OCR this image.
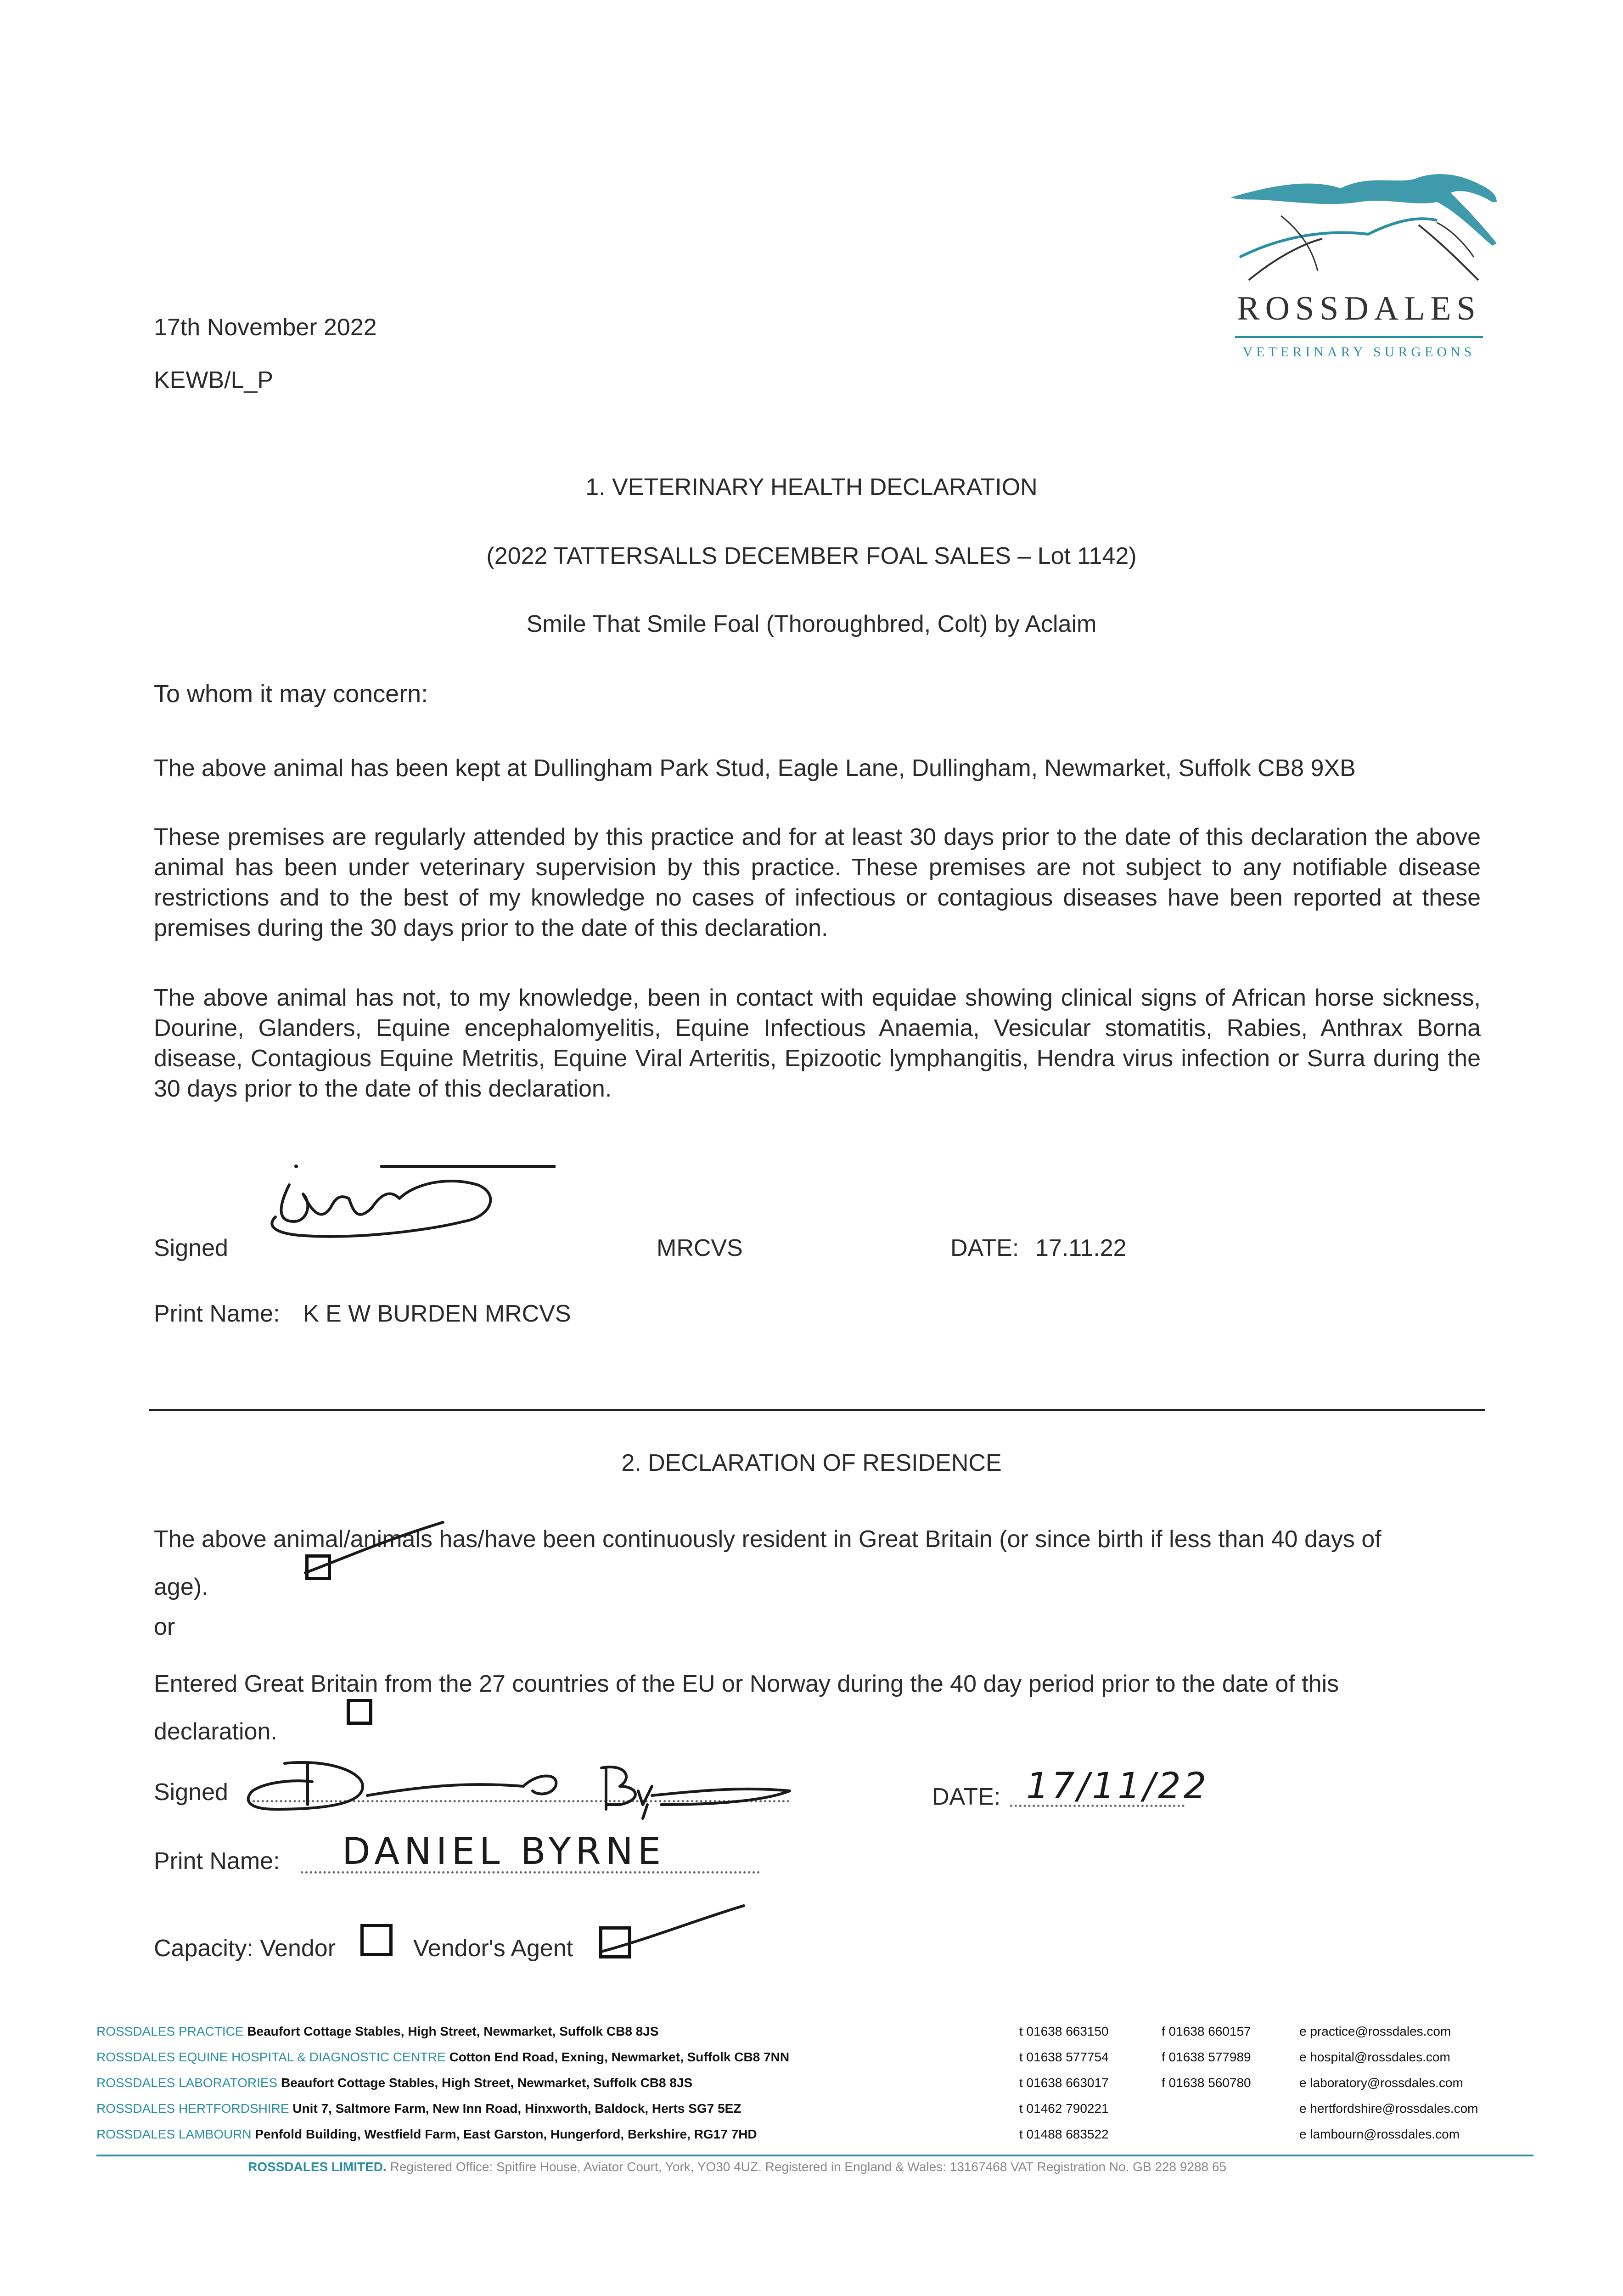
17th November 2022
KEWB/L_P
ROSSDALES
VETERINARY SURGEONS
1. VETERINARY HEALTH DECLARATION
(2022 TATTERSALLS DECEMBER FOAL SALES – Lot 1142)
Smile That Smile Foal (Thoroughbred, Colt) by Aclaim
To whom it may concern:
The above animal has been kept at Dullingham Park Stud, Eagle Lane, Dullingham, Newmarket, Suffolk CB8 9XB
These premises are regularly attended by this practice and for at least 30 days prior to the date of this declaration the above animal has been under veterinary supervision by this practice. These premises are not subject to any notifiable disease restrictions and to the best of my knowledge no cases of infectious or contagious diseases have been reported at these premises during the 30 days prior to the date of this declaration.
The above animal has not, to my knowledge, been in contact with equidae showing clinical signs of African horse sickness, Dourine, Glanders, Equine encephalomyelitis, Equine Infectious Anaemia, Vesicular stomatitis, Rabies, Anthrax Borna disease, Contagious Equine Metritis, Equine Viral Arteritis, Epizootic lymphangitis, Hendra virus infection or Surra during the 30 days prior to the date of this declaration.
Signed	MRCVS	DATE: 17.11.22
Print Name: K E W BURDEN MRCVS
2. DECLARATION OF RESIDENCE
The above animal/animals has/have been continuously resident in Great Britain (or since birth if less than 40 days of age).
or
Entered Great Britain from the 27 countries of the EU or Norway during the 40 day period prior to the date of this declaration.
Signed	DATE: 17/11/22
Print Name: DANIEL BYRNE
Capacity: Vendor	Vendor's Agent
ROSSDALES PRACTICE Beaufort Cottage Stables, High Street, Newmarket, Suffolk CB8 8JS	t 01638 663150	f 01638 660157	e practice@rossdales.com
ROSSDALES EQUINE HOSPITAL & DIAGNOSTIC CENTRE Cotton End Road, Exning, Newmarket, Suffolk CB8 7NN	t 01638 577754	f 01638 577989	e hospital@rossdales.com
ROSSDALES LABORATORIES Beaufort Cottage Stables, High Street, Newmarket, Suffolk CB8 8JS	t 01638 663017	f 01638 560780	e laboratory@rossdales.com
ROSSDALES HERTFORDSHIRE Unit 7, Saltmore Farm, New Inn Road, Hinxworth, Baldock, Herts SG7 5EZ	t 01462 790221	e hertfordshire@rossdales.com
ROSSDALES LAMBOURN Penfold Building, Westfield Farm, East Garston, Hungerford, Berkshire, RG17 7HD	t 01488 683522	e lambourn@rossdales.com
ROSSDALES LIMITED. Registered Office: Spitfire House, Aviator Court, York, YO30 4UZ. Registered in England & Wales: 13167468 VAT Registration No. GB 228 9288 65
